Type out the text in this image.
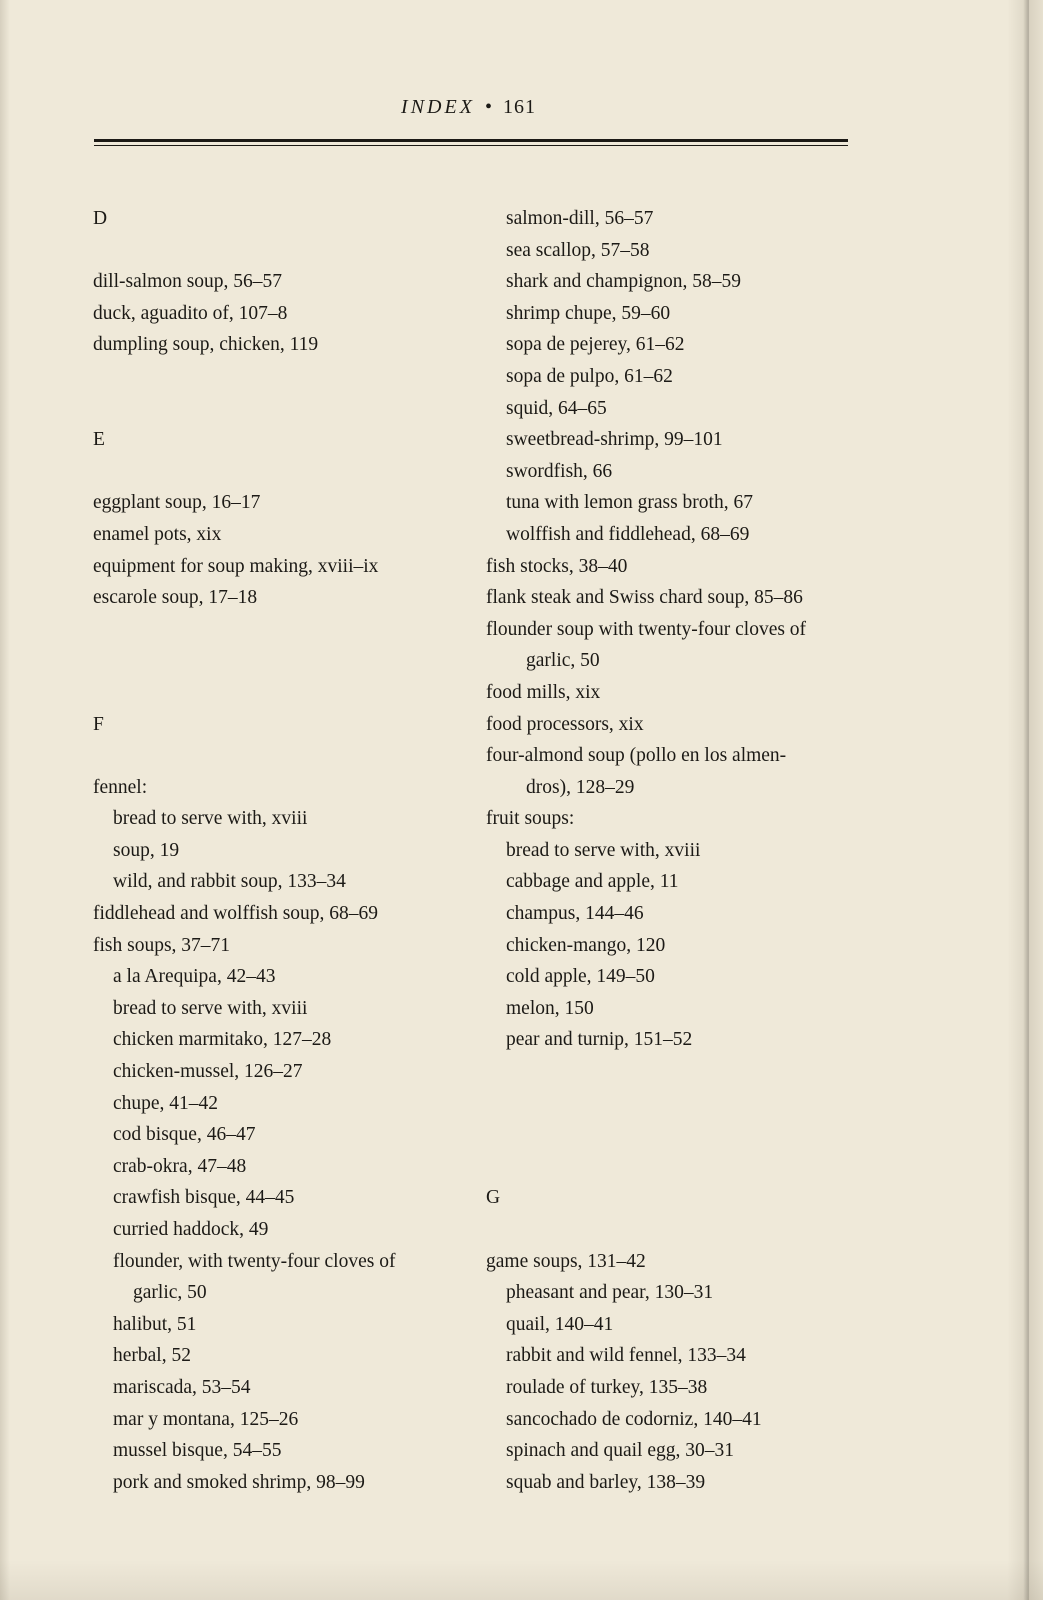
INDEX • 161
D
dill-salmon soup, 56–57
duck, aguadito of, 107–8
dumpling soup, chicken, 119
E
eggplant soup, 16–17
enamel pots, xix
equipment for soup making, xviii–ix
escarole soup, 17–18
F
fennel:
bread to serve with, xviii
soup, 19
wild, and rabbit soup, 133–34
fiddlehead and wolffish soup, 68–69
fish soups, 37–71
a la Arequipa, 42–43
bread to serve with, xviii
chicken marmitako, 127–28
chicken-mussel, 126–27
chupe, 41–42
cod bisque, 46–47
crab-okra, 47–48
crawfish bisque, 44–45
curried haddock, 49
flounder, with twenty-four cloves of
garlic, 50
halibut, 51
herbal, 52
mariscada, 53–54
mar y montana, 125–26
mussel bisque, 54–55
pork and smoked shrimp, 98–99
salmon-dill, 56–57
sea scallop, 57–58
shark and champignon, 58–59
shrimp chupe, 59–60
sopa de pejerey, 61–62
sopa de pulpo, 61–62
squid, 64–65
sweetbread-shrimp, 99–101
swordfish, 66
tuna with lemon grass broth, 67
wolffish and fiddlehead, 68–69
fish stocks, 38–40
flank steak and Swiss chard soup, 85–86
flounder soup with twenty-four cloves of
garlic, 50
food mills, xix
food processors, xix
four-almond soup (pollo en los almen-
dros), 128–29
fruit soups:
bread to serve with, xviii
cabbage and apple, 11
champus, 144–46
chicken-mango, 120
cold apple, 149–50
melon, 150
pear and turnip, 151–52
G
game soups, 131–42
pheasant and pear, 130–31
quail, 140–41
rabbit and wild fennel, 133–34
roulade of turkey, 135–38
sancochado de codorniz, 140–41
spinach and quail egg, 30–31
squab and barley, 138–39
